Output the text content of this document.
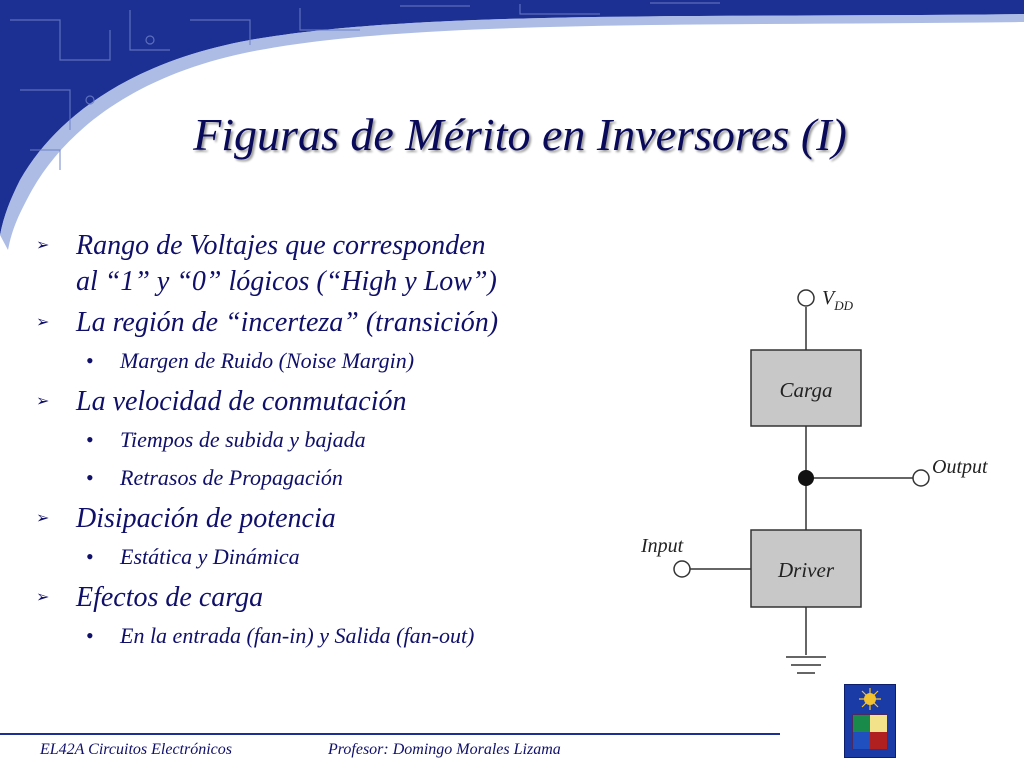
Figuras de Mérito en Inversores (I)
➢ Rango de Voltajes que corresponden
al “1” y “0” lógicos (“High y Low”)
➢ La región de “incerteza” (transición)
• Margen de Ruido (Noise Margin)
➢ La velocidad de conmutación
• Tiempos de subida y bajada
• Retrasos de Propagación
➢ Disipación de potencia
• Estática y Dinámica
➢ Efectos de carga
• En la entrada (fan-in) y Salida (fan-out)
Carga
Driver
Output
Input
$V_{DD}$
EL42A Circuitos Electrónicos	Profesor: Domingo Morales Lizama
